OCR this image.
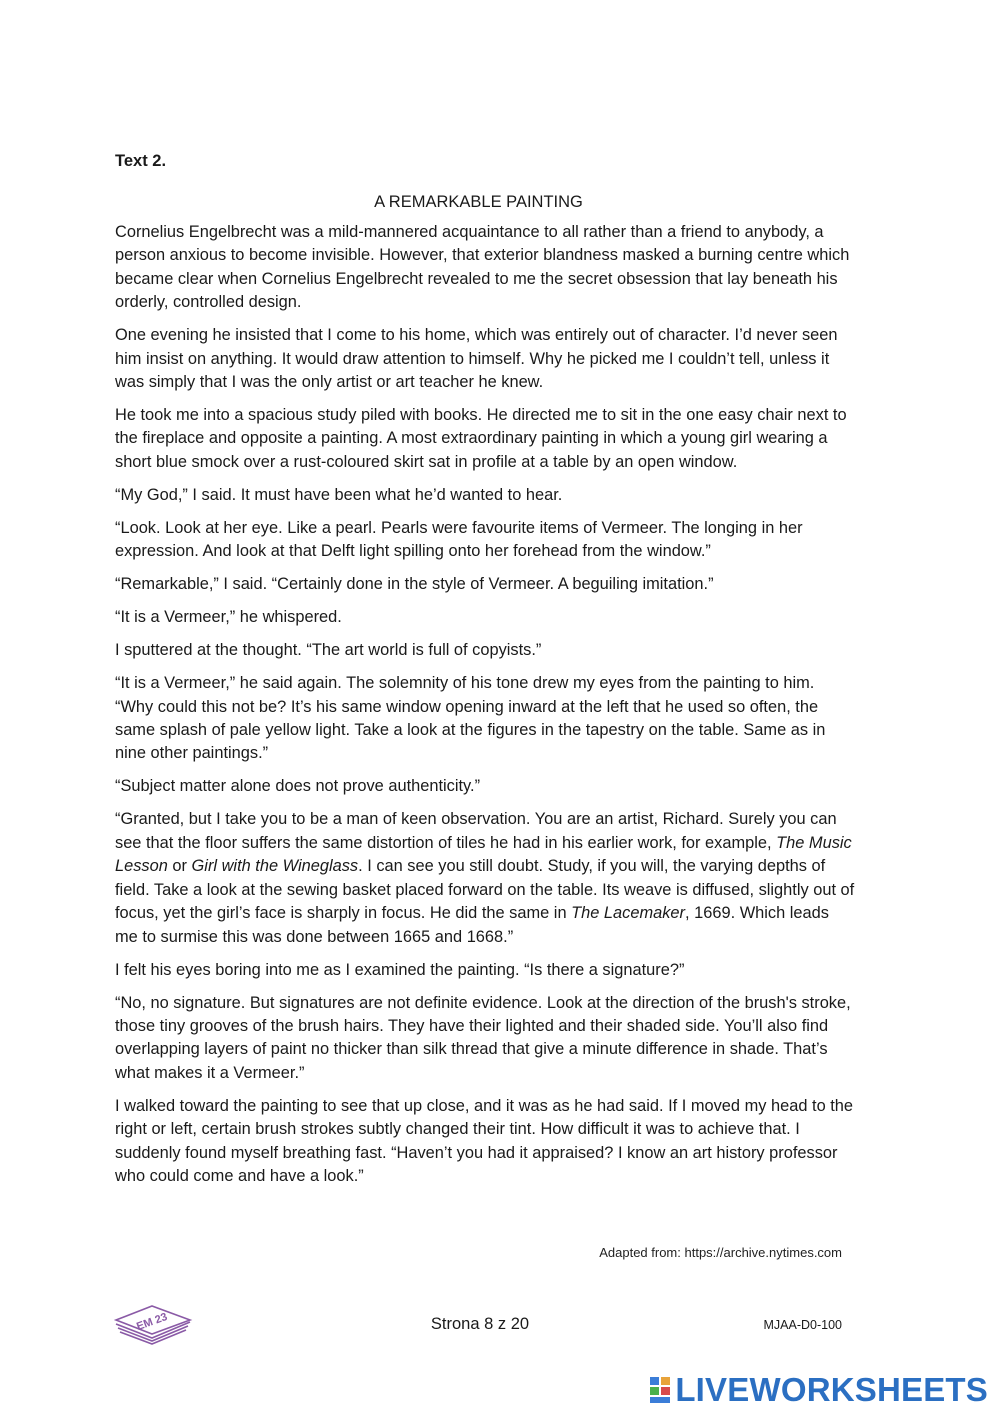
Text 2.
A REMARKABLE PAINTING

Cornelius Engelbrecht was a mild-mannered acquaintance to all rather than a friend to anybody, a person anxious to become invisible. However, that exterior blandness masked a burning centre which became clear when Cornelius Engelbrecht revealed to me the secret obsession that lay beneath his orderly, controlled design.

One evening he insisted that I come to his home, which was entirely out of character. I’d never seen him insist on anything. It would draw attention to himself. Why he picked me I couldn’t tell, unless it was simply that I was the only artist or art teacher he knew.

He took me into a spacious study piled with books. He directed me to sit in the one easy chair next to the fireplace and opposite a painting. A most extraordinary painting in which a young girl wearing a short blue smock over a rust-coloured skirt sat in profile at a table by an open window.

“My God,” I said. It must have been what he’d wanted to hear.

“Look. Look at her eye. Like a pearl. Pearls were favourite items of Vermeer. The longing in her expression. And look at that Delft light spilling onto her forehead from the window.”

“Remarkable,” I said. “Certainly done in the style of Vermeer. A beguiling imitation.”

“It is a Vermeer,” he whispered.

I sputtered at the thought. “The art world is full of copyists.”

“It is a Vermeer,” he said again. The solemnity of his tone drew my eyes from the painting to him. “Why could this not be? It’s his same window opening inward at the left that he used so often, the same splash of pale yellow light. Take a look at the figures in the tapestry on the table. Same as in nine other paintings.”

“Subject matter alone does not prove authenticity.”

“Granted, but I take you to be a man of keen observation. You are an artist, Richard. Surely you can see that the floor suffers the same distortion of tiles he had in his earlier work, for example, The Music Lesson or Girl with the Wineglass. I can see you still doubt. Study, if you will, the varying depths of field. Take a look at the sewing basket placed forward on the table. Its weave is diffused, slightly out of focus, yet the girl’s face is sharply in focus. He did the same in The Lacemaker, 1669. Which leads me to surmise this was done between 1665 and 1668.”

I felt his eyes boring into me as I examined the painting. “Is there a signature?”

“No, no signature. But signatures are not definite evidence. Look at the direction of the brush's stroke, those tiny grooves of the brush hairs. They have their lighted and their shaded side. You’ll also find overlapping layers of paint no thicker than silk thread that give a minute difference in shade. That’s what makes it a Vermeer.”

I walked toward the painting to see that up close, and it was as he had said. If I moved my head to the right or left, certain brush strokes subtly changed their tint. How difficult it was to achieve that. I suddenly found myself breathing fast. “Haven’t you had it appraised? I know an art history professor who could come and have a look.”

Adapted from: https://archive.nytimes.com
EM 23	Strona 8 z 20	MJAA-D0-100
LIVEWORKSHEETS
